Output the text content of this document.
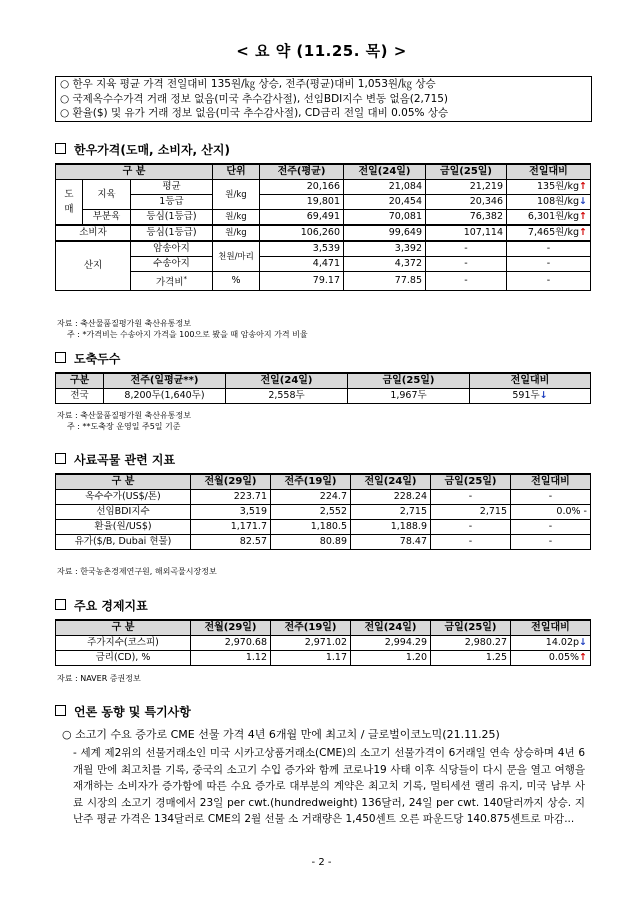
< 요 약 (11.25. 목) >
○ 한우 지육 평균 가격 전일대비 135원/㎏ 상승, 전주(평균)대비 1,053원/㎏ 상승
○ 국제옥수수가격 거래 정보 없음(미국 추수감사절), 선임BDI지수 변동 없음(2,715)
○ 환율($) 및 유가 거래 정보 없음(미국 추수감사절), CD금리 전일 대비 0.05% 상승
한우가격(도매, 소비자, 산지)
구 분			단위	전주(평균)	전일(24일)	금일(25일)	전일대비
도
매	지육	평균	원/kg	20,166	21,084	21,219	135원/kg↑
		1등급		19,801	20,454	20,346	108원/kg↓
	부분육	등심(1등급)	원/kg	69,491	70,081	76,382	6,301원/kg↑
소비자		등심(1등급)	원/kg	106,260	99,649	107,114	7,465원/kg↑
산지		암송아지	천원/마리	3,539	3,392	-	-
		수송아지		4,471	4,372	-	-
		가격비*	%	79.17	77.85	-	-
자료 : 축산물품질평가원 축산유통정보
주 : *가격비는 수송아지 가격을 100으로 봤을 때 암송아지 가격 비율
도축두수
구분	전주(일평균**)	전일(24일)	금일(25일)	전일대비
전국	8,200두(1,640두)	2,558두	1,967두	591두↓
자료 : 축산물품질평가원 축산유통정보
주 : **도축장 운영일 주5일 기준
사료곡물 관련 지표
구 분	전월(29일)	전주(19일)	전일(24일)	금일(25일)	전일대비
옥수수가(US$/톤)	223.71	224.7	228.24	-	-
선임BDI지수	3,519	2,552	2,715	2,715	0.0% -
환율(원/US$)	1,171.7	1,180.5	1,188.9	-	-
유가($/B, Dubai 현물)	82.57	80.89	78.47	-	-
자료 : 한국농촌경제연구원, 해외곡물시장정보
주요 경제지표
구 분	전월(29일)	전주(19일)	전일(24일)	금일(25일)	전일대비
주가지수(코스피)	2,970.68	2,971.02	2,994.29	2,980.27	14.02p↓
금리(CD), %	1.12	1.17	1.20	1.25	0.05%↑
자료 : NAVER 증권정보
언론 동향 및 특기사항
○ 소고기 수요 증가로 CME 선물 가격 4년 6개월 만에 최고치 / 글로벌이코노믹(21.11.25)
- 세계 제2위의 선물거래소인 미국 시카고상품거래소(CME)의 소고기 선물가격이 6거래일 연속 상승하며 4년 6개월 만에 최고치를 기록, 중국의 소고기 수입 증가와 함께 코로나19 사태 이후 식당들이 다시 문을 열고 여행을 재개하는 소비자가 증가함에 따른 수요 증가로 대부분의 계약은 최고치 기록, 멀티세션 랠리 유지, 미국 남부 사료 시장의 소고기 경매에서 23일 per cwt.(hundredweight) 136달러, 24일 per cwt. 140달러까지 상승. 지난주 평균 가격은 134달러로 CME의 2월 선물 소 거래량은 1,450센트 오른 파운드당 140.875센트로 마감...
- 2 -
